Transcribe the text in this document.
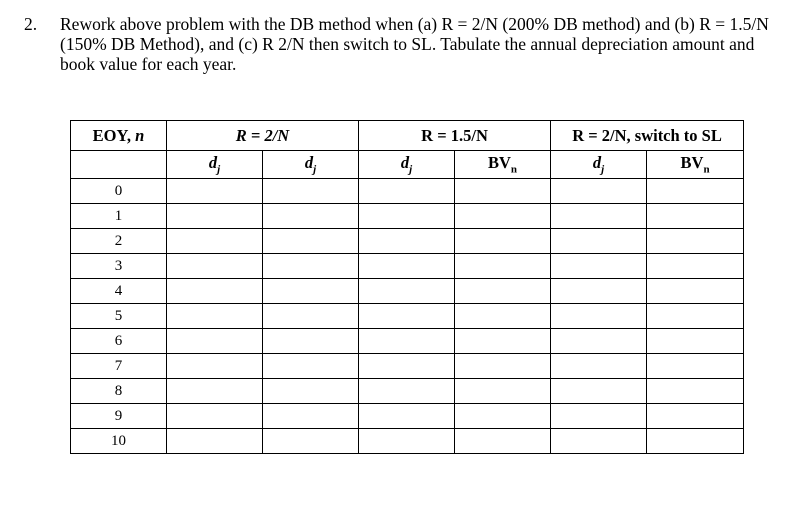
2. Rework above problem with the DB method when (a) R = 2/N (200% DB method) and (b) R = 1.5/N (150% DB Method), and (c) R 2/N then switch to SL. Tabulate the annual depreciation amount and book value for each year.
EOY, n	R = 2/N		R = 1.5/N		R = 2/N, switch to SL	
	$d_j$	$d_j$	$d_j$	$BV_n$	$d_j$	$BV_n$
0						
1						
2						
3						
4						
5						
6						
7						
8						
9						
10						
